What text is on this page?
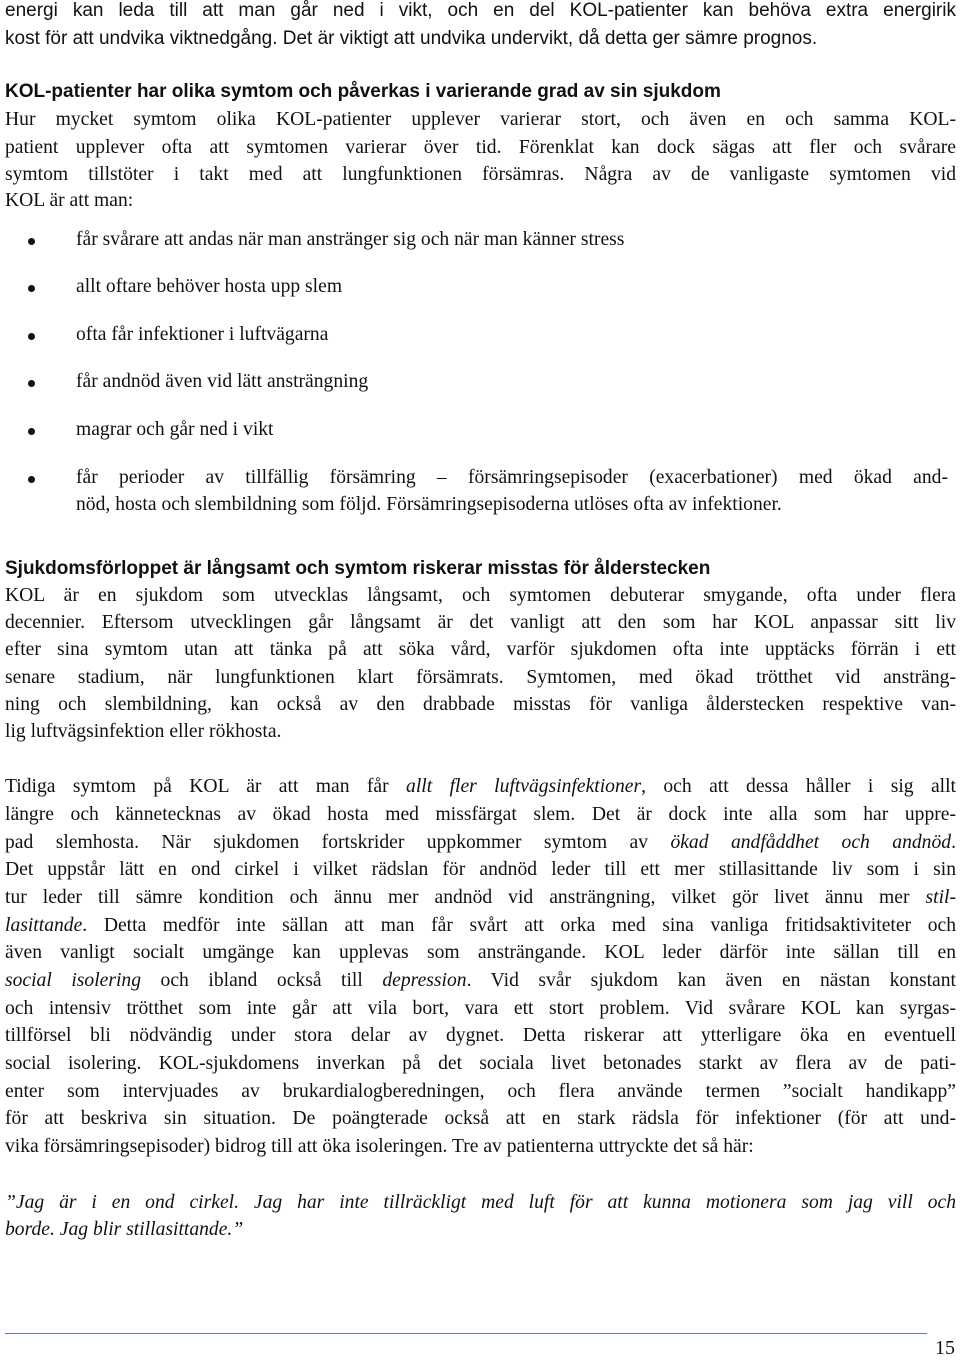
energi kan leda till att man går ned i vikt, och en del KOL-patienter kan behöva extra energirik
kost för att undvika viktnedgång. Det är viktigt att undvika undervikt, då detta ger sämre prognos.
KOL-patienter har olika symtom och påverkas i varierande grad av sin sjukdom
Hur mycket symtom olika KOL-patienter upplever varierar stort, och även en och samma KOL-
patient upplever ofta att symtomen varierar över tid. Förenklat kan dock sägas att fler och svårare
symtom tillstöter i takt med att lungfunktionen försämras. Några av de vanligaste symtomen vid
KOL är att man:
får svårare att andas när man anstränger sig och när man känner stress
allt oftare behöver hosta upp slem
ofta får infektioner i luftvägarna
får andnöd även vid lätt ansträngning
magrar och går ned i vikt
får perioder av tillfällig försämring – försämringsepisoder (exacerbationer) med ökad and-
nöd, hosta och slembildning som följd. Försämringsepisoderna utlöses ofta av infektioner.
Sjukdomsförloppet är långsamt och symtom riskerar misstas för ålderstecken
KOL är en sjukdom som utvecklas långsamt, och symtomen debuterar smygande, ofta under flera
decennier. Eftersom utvecklingen går långsamt är det vanligt att den som har KOL anpassar sitt liv
efter sina symtom utan att tänka på att söka vård, varför sjukdomen ofta inte upptäcks förrän i ett
senare stadium, när lungfunktionen klart försämrats. Symtomen, med ökad trötthet vid ansträng-
ning och slembildning, kan också av den drabbade misstas för vanliga ålderstecken respektive van-
lig luftvägsinfektion eller rökhosta.
Tidiga symtom på KOL är att man får allt fler luftvägsinfektioner, och att dessa håller i sig allt
längre och kännetecknas av ökad hosta med missfärgat slem. Det är dock inte alla som har uppre-
pad slemhosta. När sjukdomen fortskrider uppkommer symtom av ökad andfåddhet och andnöd.
Det uppstår lätt en ond cirkel i vilket rädslan för andnöd leder till ett mer stillasittande liv som i sin
tur leder till sämre kondition och ännu mer andnöd vid ansträngning, vilket gör livet ännu mer stil-
lasittande. Detta medför inte sällan att man får svårt att orka med sina vanliga fritidsaktiviteter och
även vanligt socialt umgänge kan upplevas som ansträngande. KOL leder därför inte sällan till en
social isolering och ibland också till depression. Vid svår sjukdom kan även en nästan konstant
och intensiv trötthet som inte går att vila bort, vara ett stort problem. Vid svårare KOL kan syrgas-
tillförsel bli nödvändig under stora delar av dygnet. Detta riskerar att ytterligare öka en eventuell
social isolering. KOL-sjukdomens inverkan på det sociala livet betonades starkt av flera av de pati-
enter som intervjuades av brukardialogberedningen, och flera använde termen ”socialt handikapp”
för att beskriva sin situation. De poängterade också att en stark rädsla för infektioner (för att und-
vika försämringsepisoder) bidrog till att öka isoleringen. Tre av patienterna uttryckte det så här:
”Jag är i en ond cirkel. Jag har inte tillräckligt med luft för att kunna motionera som jag vill och
borde. Jag blir stillasittande.”
15
